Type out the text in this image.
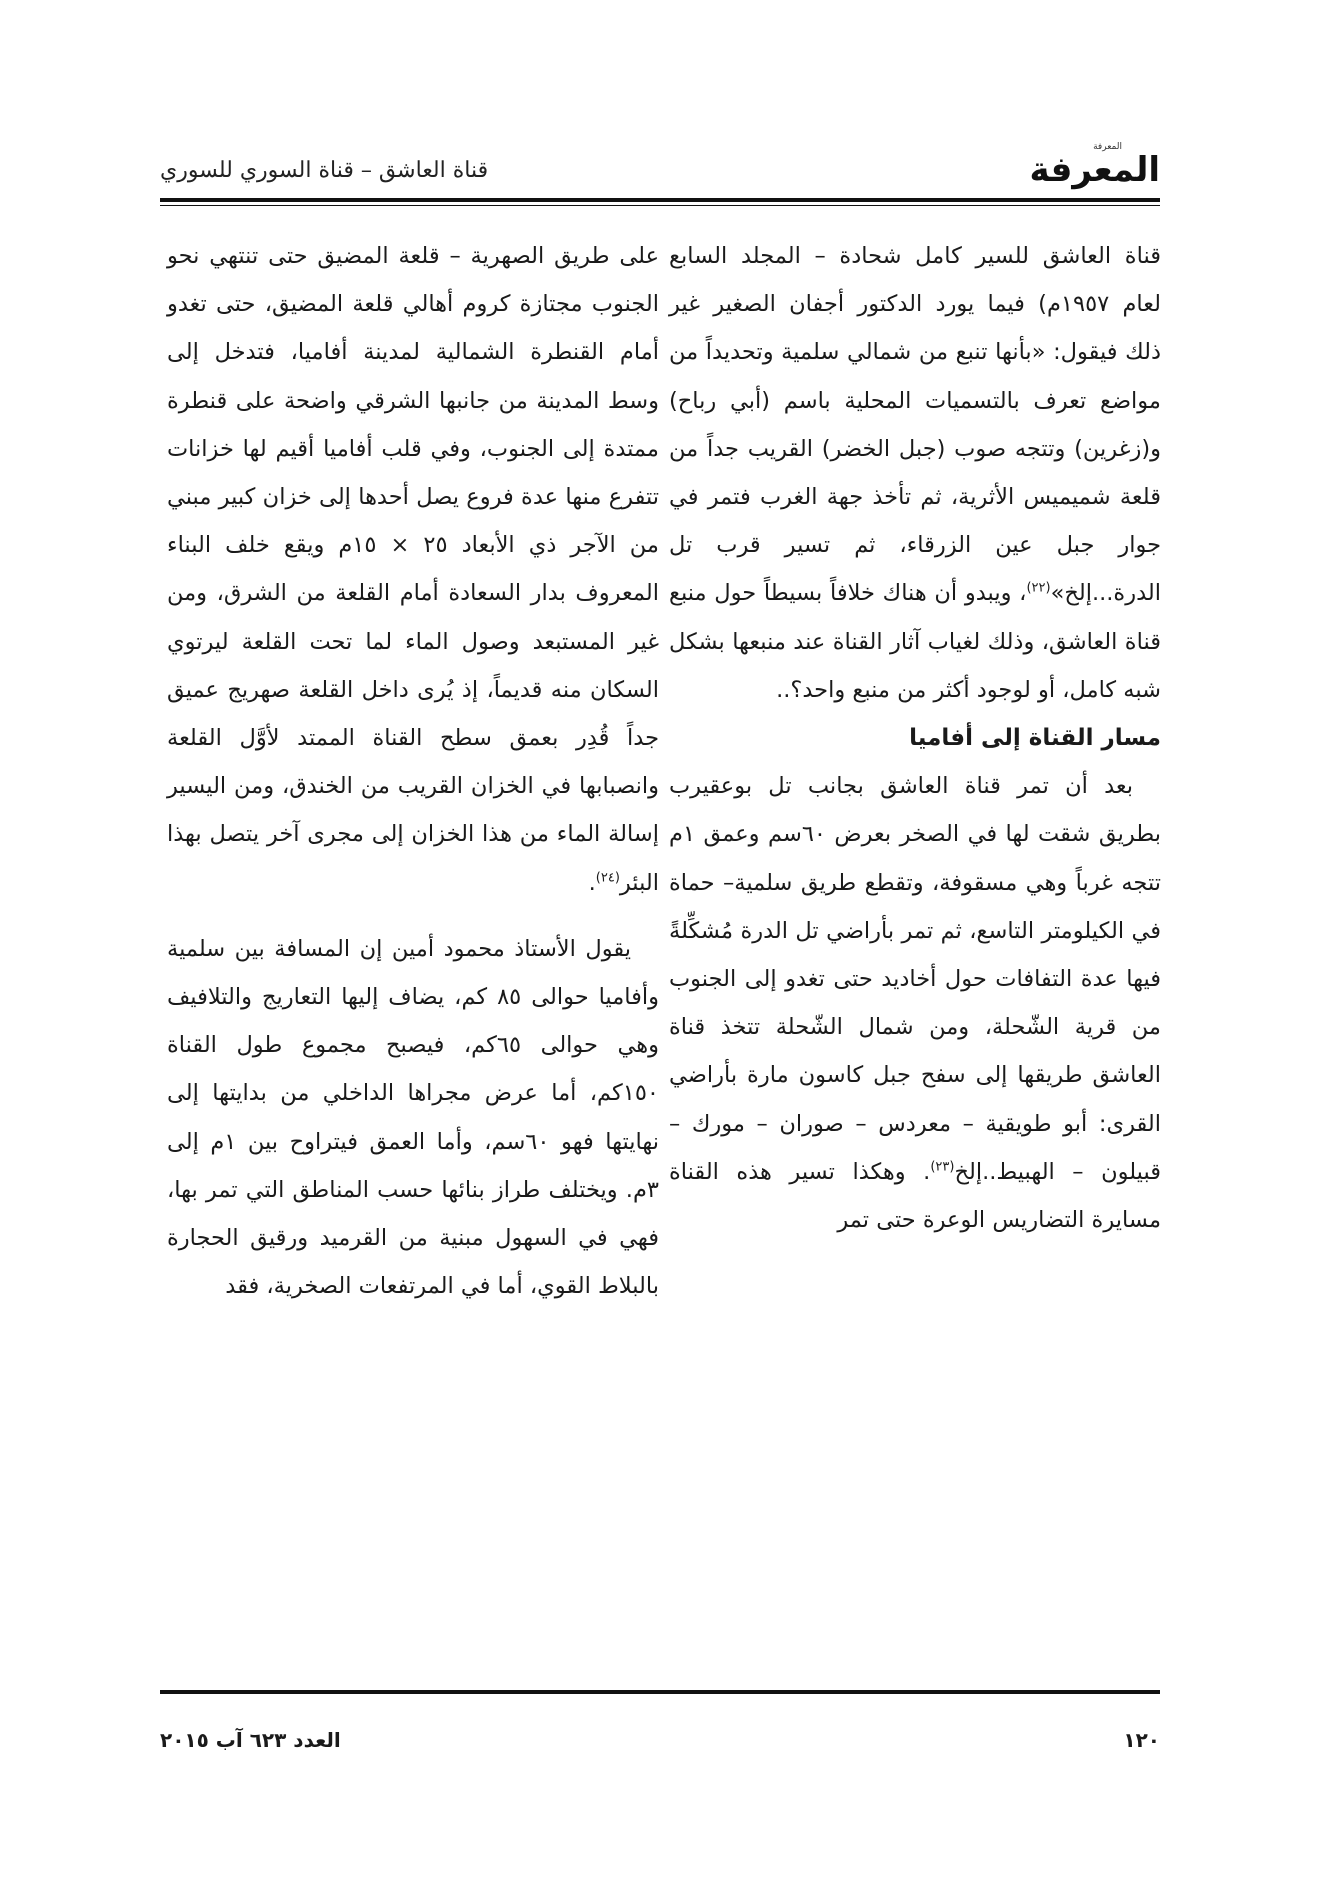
المعرفة
المعرفة
قناة العاشق – قناة السوري للسوري

قناة العاشق للسير كامل شحادة – المجلد السابع لعام ١٩٥٧م) فيما يورد الدكتور أجفان الصغير غير ذلك فيقول: «بأنها تنبع من شمالي سلمية وتحديداً من مواضع تعرف بالتسميات المحلية باسم (أبي رباح) و(زغرين) وتتجه صوب (جبل الخضر) القريب جداً من قلعة شميميس الأثرية، ثم تأخذ جهة الغرب فتمر في جوار جبل عين الزرقاء، ثم تسير قرب تل الدرة...إلخ»$^{(٢٢)}$، ويبدو أن هناك خلافاً بسيطاً حول منبع قناة العاشق، وذلك لغياب آثار القناة عند منبعها بشكل شبه كامل، أو لوجود أكثر من منبع واحد؟..

مسار القناة إلى أفاميا

بعد أن تمر قناة العاشق بجانب تل بوعقيرب بطريق شقت لها في الصخر بعرض ٦٠سم وعمق ١م تتجه غرباً وهي مسقوفة، وتقطع طريق سلمية– حماة في الكيلومتر التاسع، ثم تمر بأراضي تل الدرة مُشكِّلةً فيها عدة التفافات حول أخاديد حتى تغدو إلى الجنوب من قرية الشّحلة، ومن شمال الشّحلة تتخذ قناة العاشق طريقها إلى سفح جبل كاسون مارة بأراضي القرى: أبو طويقية – معردس – صوران – مورك – قبيلون – الهبيط..إلخ$^{(٢٣)}$. وهكذا تسير هذه القناة مسايرة التضاريس الوعرة حتى تمر

على طريق الصهرية – قلعة المضيق حتى تنتهي نحو الجنوب مجتازة كروم أهالي قلعة المضيق، حتى تغدو أمام القنطرة الشمالية لمدينة أفاميا، فتدخل إلى وسط المدينة من جانبها الشرقي واضحة على قنطرة ممتدة إلى الجنوب، وفي قلب أفاميا أقيم لها خزانات تتفرع منها عدة فروع يصل أحدها إلى خزان كبير مبني من الآجر ذي الأبعاد ٢٥ × ١٥م ويقع خلف البناء المعروف بدار السعادة أمام القلعة من الشرق، ومن غير المستبعد وصول الماء لما تحت القلعة ليرتوي السكان منه قديماً، إذ يُرى داخل القلعة صهريج عميق جداً قُدِر بعمق سطح القناة الممتد لأوَّل القلعة وانصبابها في الخزان القريب من الخندق، ومن اليسير إسالة الماء من هذا الخزان إلى مجرى آخر يتصل بهذا البئر$^{(٢٤)}$.

يقول الأستاذ محمود أمين إن المسافة بين سلمية وأفاميا حوالى ٨٥ كم، يضاف إليها التعاريج والتلافيف وهي حوالى ٦٥كم، فيصبح مجموع طول القناة ١٥٠كم، أما عرض مجراها الداخلي من بدايتها إلى نهايتها فهو ٦٠سم، وأما العمق فيتراوح بين ١م إلى ٣م. ويختلف طراز بنائها حسب المناطق التي تمر بها، فهي في السهول مبنية من القرميد ورقيق الحجارة بالبلاط القوي، أما في المرتفعات الصخرية، فقد

١٢٠
العدد ٦٢٣ آب ٢٠١٥
